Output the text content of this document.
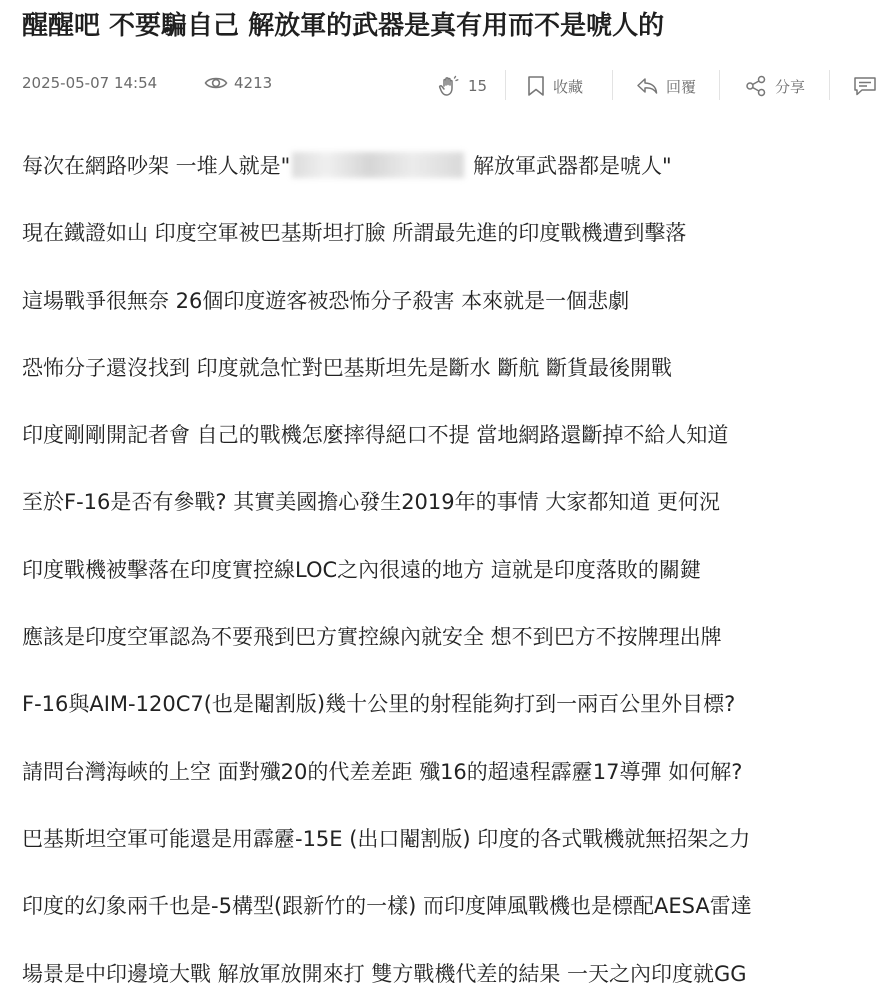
醒醒吧 不要騙自己 解放軍的武器是真有用而不是唬人的
2025-05-07 14:54	4213	15	收藏	回覆	分享

每次在網路吵架 一堆人就是"	解放軍武器都是唬人"

現在鐵證如山 印度空軍被巴基斯坦打臉 所謂最先進的印度戰機遭到擊落

這場戰爭很無奈 26個印度遊客被恐怖分子殺害 本來就是一個悲劇

恐怖分子還沒找到 印度就急忙對巴基斯坦先是斷水 斷航 斷貨最後開戰

印度剛剛開記者會 自己的戰機怎麼摔得絕口不提 當地網路還斷掉不給人知道

至於F-16是否有參戰? 其實美國擔心發生2019年的事情 大家都知道 更何況

印度戰機被擊落在印度實控線LOC之內很遠的地方 這就是印度落敗的關鍵

應該是印度空軍認為不要飛到巴方實控線內就安全 想不到巴方不按牌理出牌

F-16與AIM-120C7(也是閹割版)幾十公里的射程能夠打到一兩百公里外目標?

請問台灣海峽的上空 面對殲20的代差差距 殲16的超遠程霹靂17導彈 如何解?

巴基斯坦空軍可能還是用霹靂-15E (出口閹割版) 印度的各式戰機就無招架之力

印度的幻象兩千也是-5構型(跟新竹的一樣) 而印度陣風戰機也是標配AESA雷達

場景是中印邊境大戰 解放軍放開來打 雙方戰機代差的結果 一天之內印度就GG
